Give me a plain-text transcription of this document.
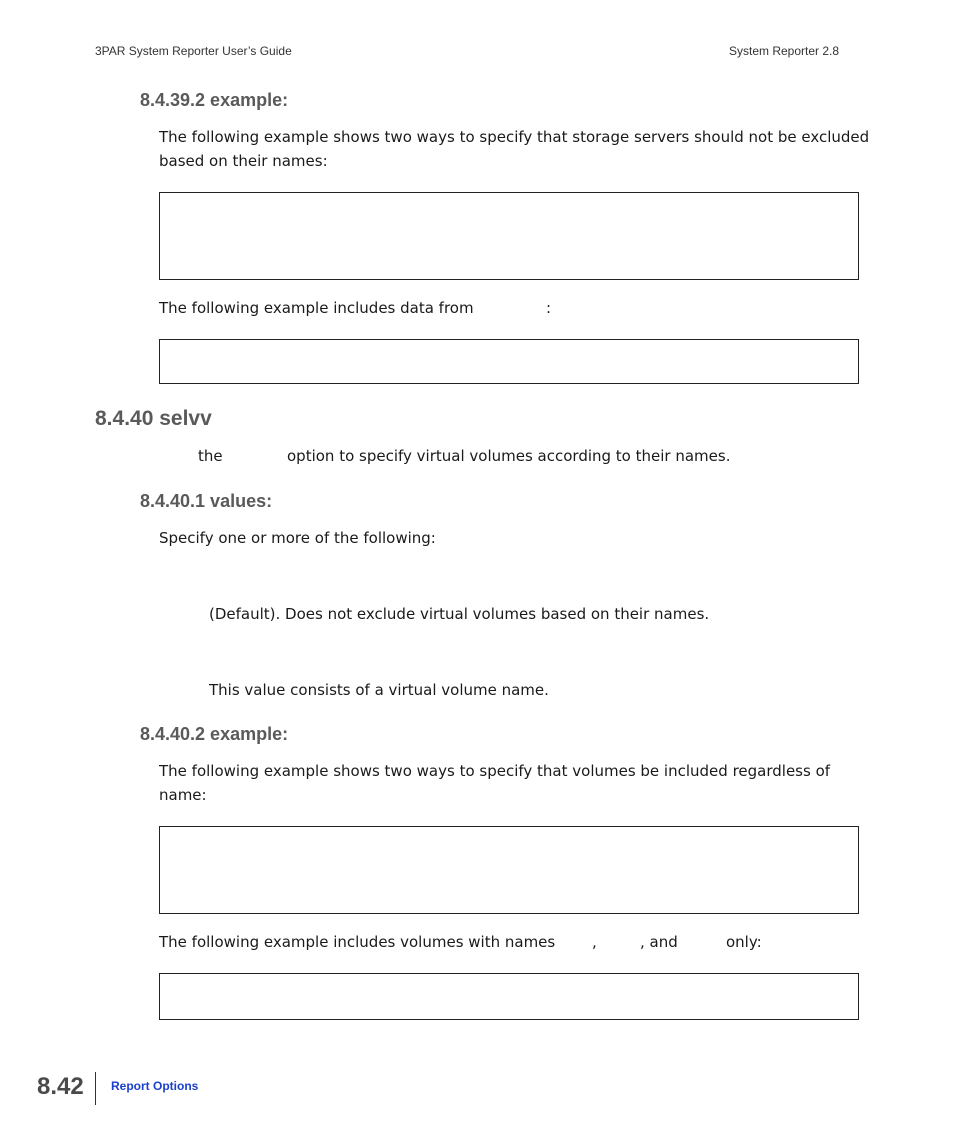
3PAR System Reporter User’s Guide	System Reporter 2.8
8.4.39.2 example:
The following example shows two ways to specify that storage servers should not be excluded
based on their names:
The following example includes data from	:
8.4.40 selvv
the	option to specify virtual volumes according to their names.
8.4.40.1 values:
Specify one or more of the following:
(Default). Does not exclude virtual volumes based on their names.
This value consists of a virtual volume name.
8.4.40.2 example:
The following example shows two ways to specify that volumes be included regardless of
name:
The following example includes volumes with names ,	, and	only:
8.42 Report Options
